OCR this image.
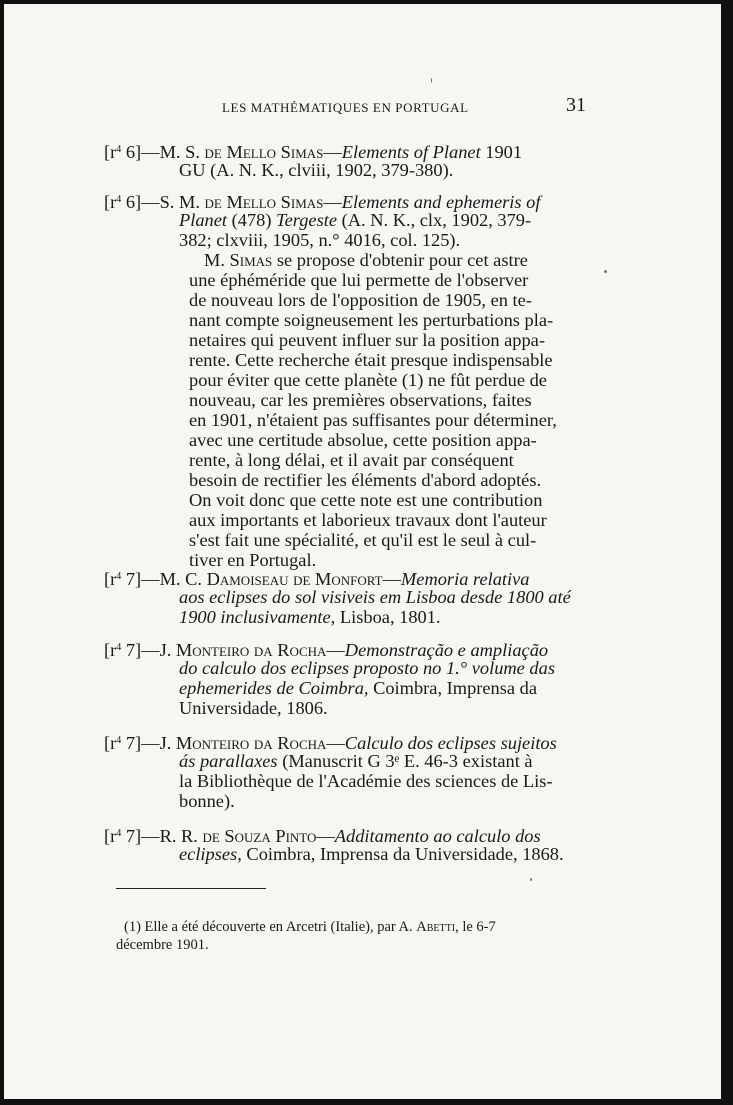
LES MATHÉMATIQUES EN PORTUGAL	31
[$r^4$ 6]—M. S. de Mello Simas—Elements of Planet 1901
GU (A. N. K., clviii, 1902, 379-380).
[$r^4$ 6]—S. M. de Mello Simas—Elements and ephemeris of
Planet (478) Tergeste (A. N. K., clx, 1902, 379-
382; clxviii, 1905, n.° 4016, col. 125).
M. Simas se propose d'obtenir pour cet astre
une éphéméride que lui permette de l'observer
de nouveau lors de l'opposition de 1905, en te-
nant compte soigneusement les perturbations pla-
netaires qui peuvent influer sur la position appa-
rente. Cette recherche était presque indispensable
pour éviter que cette planète (1) ne fût perdue de
nouveau, car les premières observations, faites
en 1901, n'étaient pas suffisantes pour déterminer,
avec une certitude absolue, cette position appa-
rente, à long délai, et il avait par conséquent
besoin de rectifier les éléments d'abord adoptés.
On voit donc que cette note est une contribution
aux importants et laborieux travaux dont l'auteur
s'est fait une spécialité, et qu'il est le seul à cul-
tiver en Portugal.
[$r^4$ 7]—M. C. Damoiseau de Monfort—Memoria relativa
aos eclipses do sol visiveis em Lisboa desde 1800 até
1900 inclusivamente, Lisboa, 1801.
[$r^4$ 7]—J. Monteiro da Rocha—Demonstração e ampliação
do calculo dos eclipses proposto no 1.° volume das
ephemerides de Coimbra, Coimbra, Imprensa da
Universidade, 1806.
[$r^4$ 7]—J. Monteiro da Rocha—Calculo dos eclipses sujeitos
ás parallaxes (Manuscrit G 3ᵉ E. 46-3 existant à
la Bibliothèque de l'Académie des sciences de Lis-
bonne).
[$r^4$ 7]—R. R. de Souza Pinto—Additamento ao calculo dos
eclipses, Coimbra, Imprensa da Universidade, 1868.
(1) Elle a été découverte en Arcetri (Italie), par A. Abetti, le 6-7
décembre 1901.
